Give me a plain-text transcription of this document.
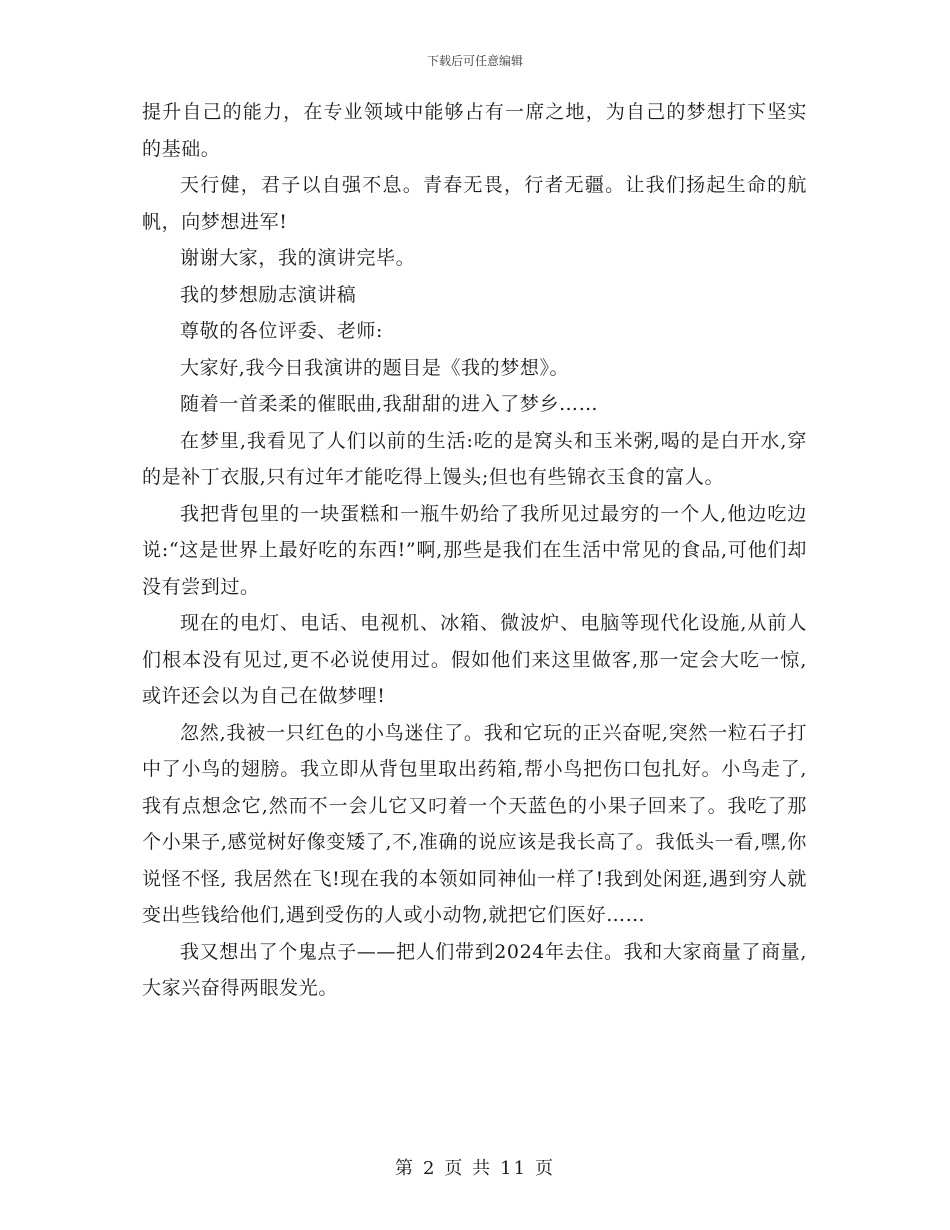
下载后可任意编辑

提升自己的能力，在专业领域中能够占有一席之地，为自己的梦想打下坚实的基础。

天行健，君子以自强不息。青春无畏，行者无疆。让我们扬起生命的航帆，向梦想进军!

谢谢大家，我的演讲完毕。

我的梦想励志演讲稿

尊敬的各位评委、老师:

大家好,我今日我演讲的题目是《我的梦想》。

随着一首柔柔的催眠曲,我甜甜的进入了梦乡……

在梦里,我看见了人们以前的生活:吃的是窝头和玉米粥,喝的是白开水,穿的是补丁衣服,只有过年才能吃得上馒头;但也有些锦衣玉食的富人。

我把背包里的一块蛋糕和一瓶牛奶给了我所见过最穷的一个人,他边吃边说:“这是世界上最好吃的东西!”啊,那些是我们在生活中常见的食品,可他们却没有尝到过。

现在的电灯、电话、电视机、冰箱、微波炉、电脑等现代化设施,从前人们根本没有见过,更不必说使用过。假如他们来这里做客,那一定会大吃一惊,或许还会以为自己在做梦哩!

忽然,我被一只红色的小鸟迷住了。我和它玩的正兴奋呢,突然一粒石子打中了小鸟的翅膀。我立即从背包里取出药箱,帮小鸟把伤口包扎好。小鸟走了,我有点想念它,然而不一会儿它又叼着一个天蓝色的小果子回来了。我吃了那个小果子,感觉树好像变矮了,不,准确的说应该是我长高了。我低头一看,嘿,你说怪不怪, 我居然在飞!现在我的本领如同神仙一样了!我到处闲逛,遇到穷人就变出些钱给他们,遇到受伤的人或小动物,就把它们医好……

我又想出了个鬼点子——把人们带到2024年去住。我和大家商量了商量,大家兴奋得两眼发光。

第 2 页 共 11 页
